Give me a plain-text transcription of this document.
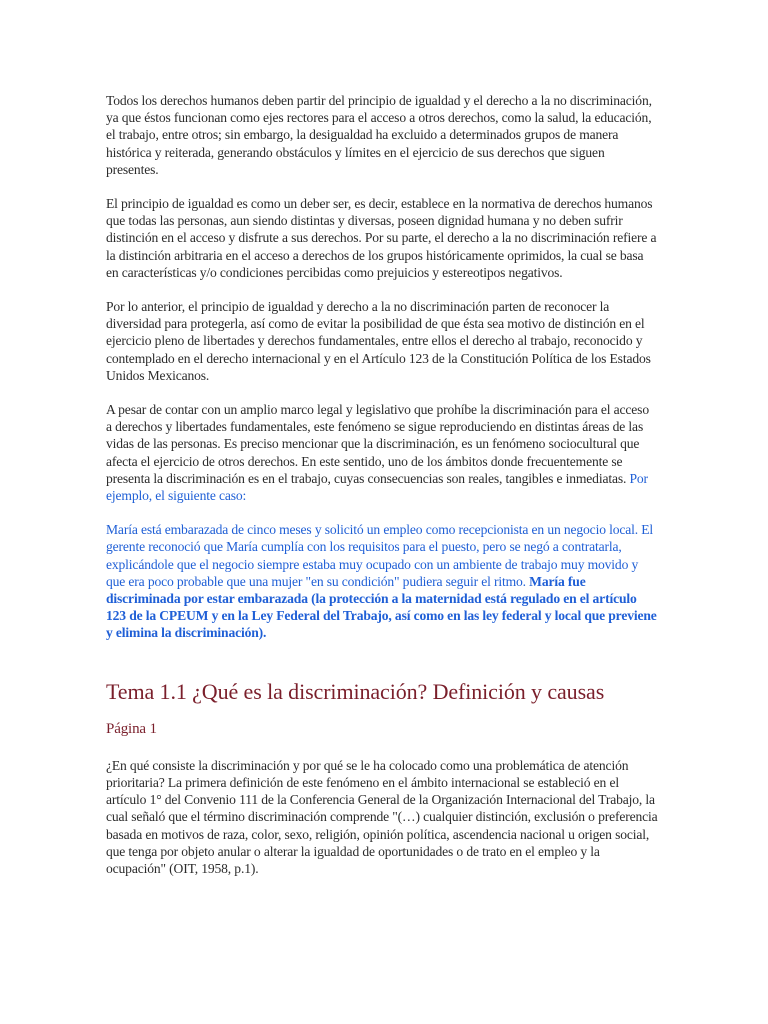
Todos los derechos humanos deben partir del principio de igualdad y el derecho a la no discriminación, ya que éstos funcionan como ejes rectores para el acceso a otros derechos, como la salud, la educación, el trabajo, entre otros; sin embargo, la desigualdad ha excluido a determinados grupos de manera histórica y reiterada, generando obstáculos y límites en el ejercicio de sus derechos que siguen presentes.

El principio de igualdad es como un deber ser, es decir, establece en la normativa de derechos humanos que todas las personas, aun siendo distintas y diversas, poseen dignidad humana y no deben sufrir distinción en el acceso y disfrute a sus derechos. Por su parte, el derecho a la no discriminación refiere a la distinción arbitraria en el acceso a derechos de los grupos históricamente oprimidos, la cual se basa en características y/o condiciones percibidas como prejuicios y estereotipos negativos.

Por lo anterior, el principio de igualdad y derecho a la no discriminación parten de reconocer la diversidad para protegerla, así como de evitar la posibilidad de que ésta sea motivo de distinción en el ejercicio pleno de libertades y derechos fundamentales, entre ellos el derecho al trabajo, reconocido y contemplado en el derecho internacional y en el Artículo 123 de la Constitución Política de los Estados Unidos Mexicanos.

A pesar de contar con un amplio marco legal y legislativo que prohíbe la discriminación para el acceso a derechos y libertades fundamentales, este fenómeno se sigue reproduciendo en distintas áreas de las vidas de las personas. Es preciso mencionar que la discriminación, es un fenómeno sociocultural que afecta el ejercicio de otros derechos. En este sentido, uno de los ámbitos donde frecuentemente se presenta la discriminación es en el trabajo, cuyas consecuencias son reales, tangibles e inmediatas. Por ejemplo, el siguiente caso:

María está embarazada de cinco meses y solicitó un empleo como recepcionista en un negocio local. El gerente reconoció que María cumplía con los requisitos para el puesto, pero se negó a contratarla, explicándole que el negocio siempre estaba muy ocupado con un ambiente de trabajo muy movido y que era poco probable que una mujer "en su condición" pudiera seguir el ritmo. María fue discriminada por estar embarazada (la protección a la maternidad está regulado en el artículo 123 de la CPEUM y en la Ley Federal del Trabajo, así como en las ley federal y local que previene y elimina la discriminación).

Tema 1.1 ¿Qué es la discriminación? Definición y causas
Página 1

¿En qué consiste la discriminación y por qué se le ha colocado como una problemática de atención prioritaria? La primera definición de este fenómeno en el ámbito internacional se estableció en el artículo 1° del Convenio 111 de la Conferencia General de la Organización Internacional del Trabajo, la cual señaló que el término discriminación comprende "(…) cualquier distinción, exclusión o preferencia basada en motivos de raza, color, sexo, religión, opinión política, ascendencia nacional u origen social, que tenga por objeto anular o alterar la igualdad de oportunidades o de trato en el empleo y la ocupación" (OIT, 1958, p.1).
